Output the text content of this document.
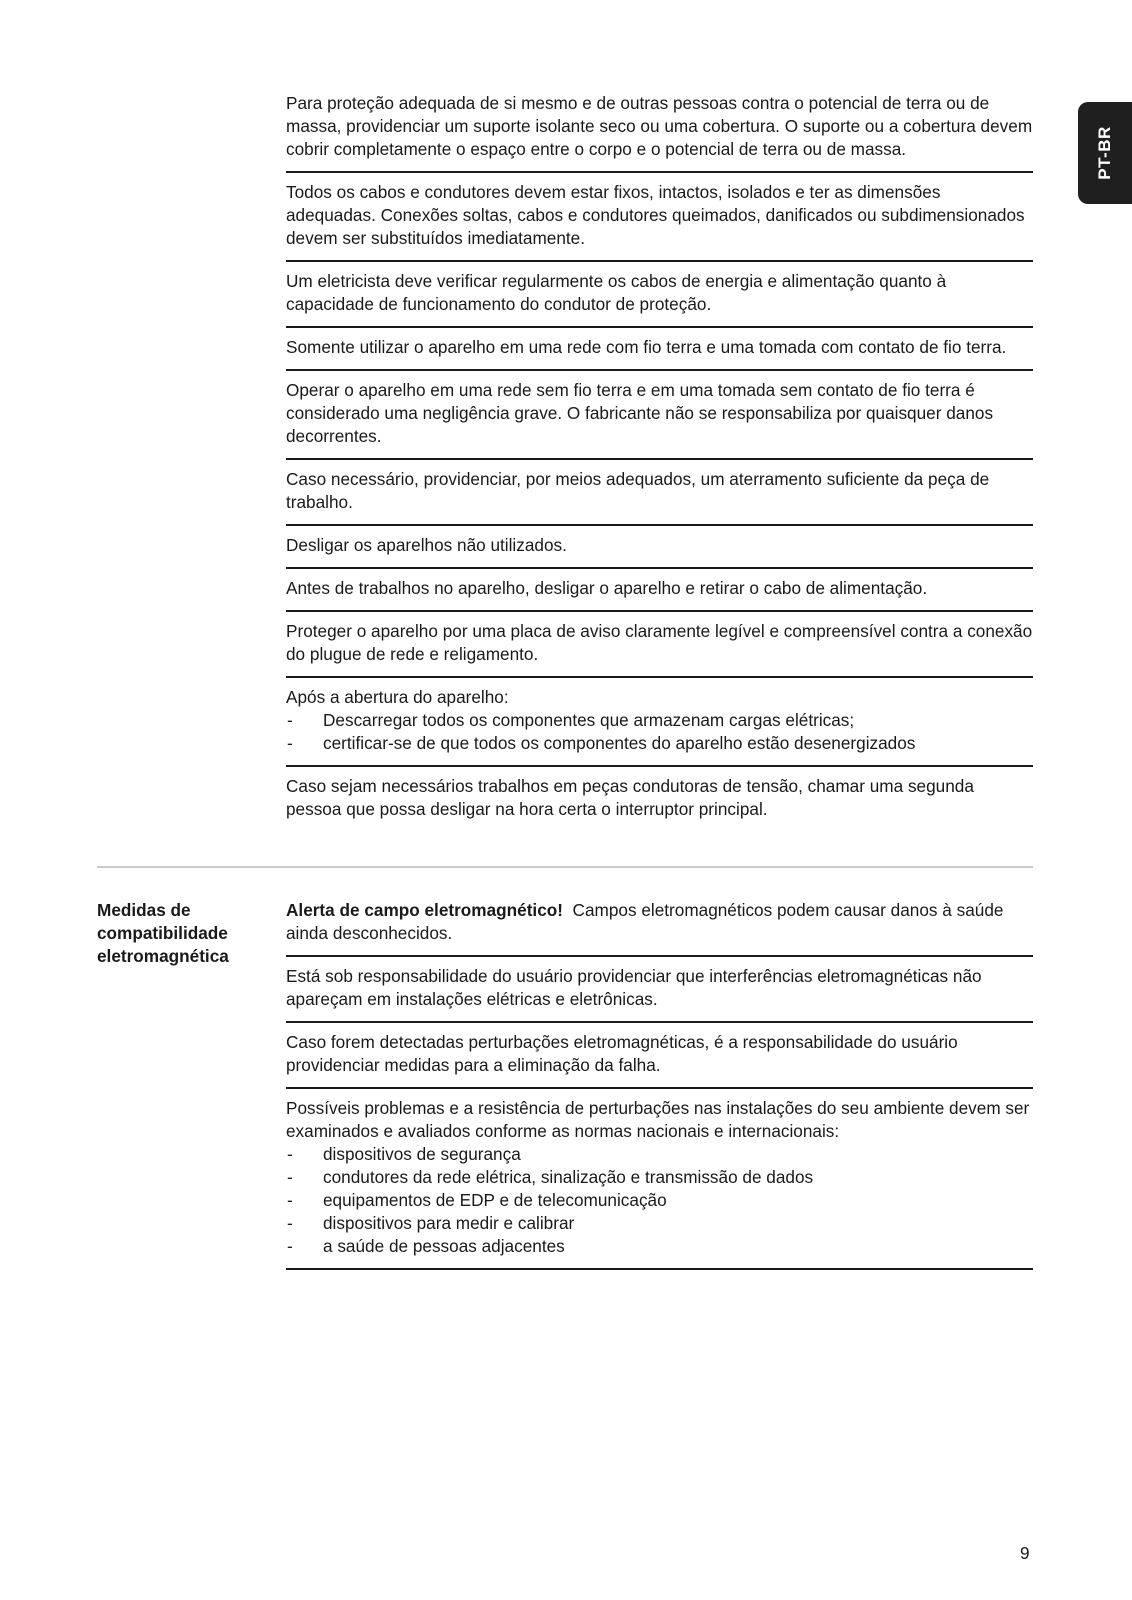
PT-BR

Para proteção adequada de si mesmo e de outras pessoas contra o potencial de terra ou de massa, providenciar um suporte isolante seco ou uma cobertura. O suporte ou a cobertura devem cobrir completamente o espaço entre o corpo e o potencial de terra ou de massa.

Todos os cabos e condutores devem estar fixos, intactos, isolados e ter as dimensões adequadas. Conexões soltas, cabos e condutores queimados, danificados ou subdimensionados devem ser substituídos imediatamente.

Um eletricista deve verificar regularmente os cabos de energia e alimentação quanto à capacidade de funcionamento do condutor de proteção.

Somente utilizar o aparelho em uma rede com fio terra e uma tomada com contato de fio terra.

Operar o aparelho em uma rede sem fio terra e em uma tomada sem contato de fio terra é considerado uma negligência grave. O fabricante não se responsabiliza por quaisquer danos decorrentes.

Caso necessário, providenciar, por meios adequados, um aterramento suficiente da peça de trabalho.

Desligar os aparelhos não utilizados.

Antes de trabalhos no aparelho, desligar o aparelho e retirar o cabo de alimentação.

Proteger o aparelho por uma placa de aviso claramente legível e compreensível contra a conexão do plugue de rede e religamento.

Após a abertura do aparelho:

-	Descarregar todos os componentes que armazenam cargas elétricas;
-	certificar-se de que todos os componentes do aparelho estão desenergizados

Caso sejam necessários trabalhos em peças condutoras de tensão, chamar uma segunda pessoa que possa desligar na hora certa o interruptor principal.

Medidas de compatibilidade eletromagnética

Alerta de campo eletromagnético! Campos eletromagnéticos podem causar danos à saúde ainda desconhecidos.

Está sob responsabilidade do usuário providenciar que interferências eletromagnéticas não apareçam em instalações elétricas e eletrônicas.

Caso forem detectadas perturbações eletromagnéticas, é a responsabilidade do usuário providenciar medidas para a eliminação da falha.

Possíveis problemas e a resistência de perturbações nas instalações do seu ambiente devem ser examinados e avaliados conforme as normas nacionais e internacionais:

-	dispositivos de segurança
-	condutores da rede elétrica, sinalização e transmissão de dados
-	equipamentos de EDP e de telecomunicação
-	dispositivos para medir e calibrar
-	a saúde de pessoas adjacentes
9
